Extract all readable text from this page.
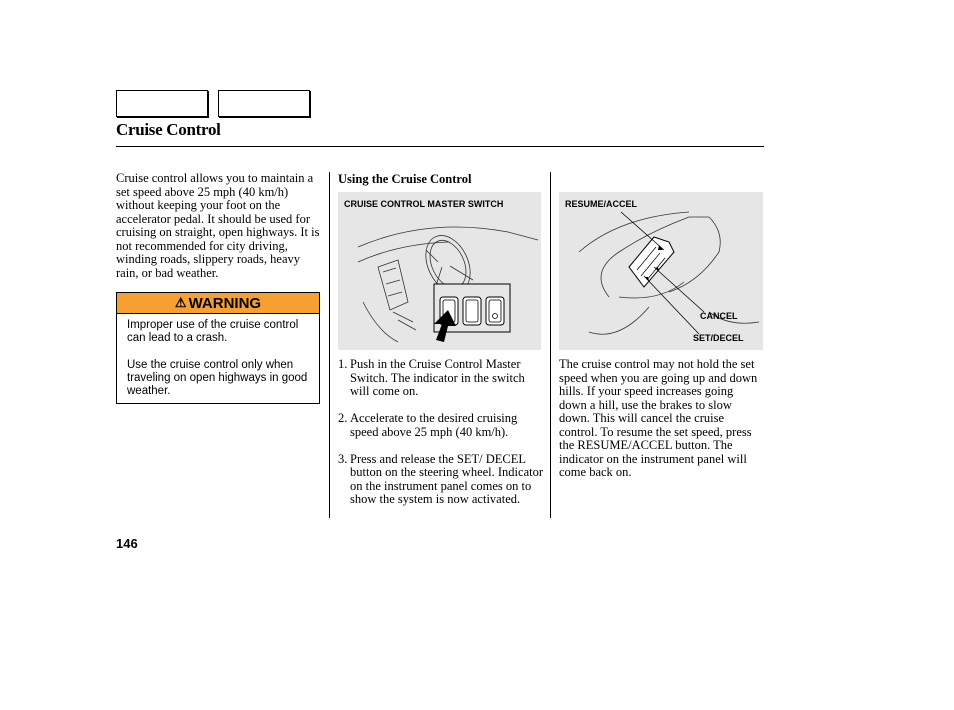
Cruise Control
Cruise control allows you to maintain a set speed above 25 mph (40 km/h) without keeping your foot on the accelerator pedal. It should be used for cruising on straight, open highways. It is not recommended for city driving, winding roads, slippery roads, heavy rain, or bad weather.
⚠ WARNING

Improper use of the cruise control can lead to a crash.

Use the cruise control only when traveling on open highways in good weather.

Using the Cruise Control
CRUISE CONTROL MASTER SWITCH	RESUME/ACCEL
CANCEL
SET/DECEL
1. Push in the Cruise Control Master Switch. The indicator in the switch will come on.
2. Accelerate to the desired cruising speed above 25 mph (40 km/h).
3. Press and release the SET/ DECEL button on the steering wheel. Indicator on the instrument panel comes on to show the system is now activated.
The cruise control may not hold the set speed when you are going up and down hills. If your speed increases going down a hill, use the brakes to slow down. This will cancel the cruise control. To resume the set speed, press the RESUME/ACCEL button. The indicator on the instrument panel will come back on.
146
